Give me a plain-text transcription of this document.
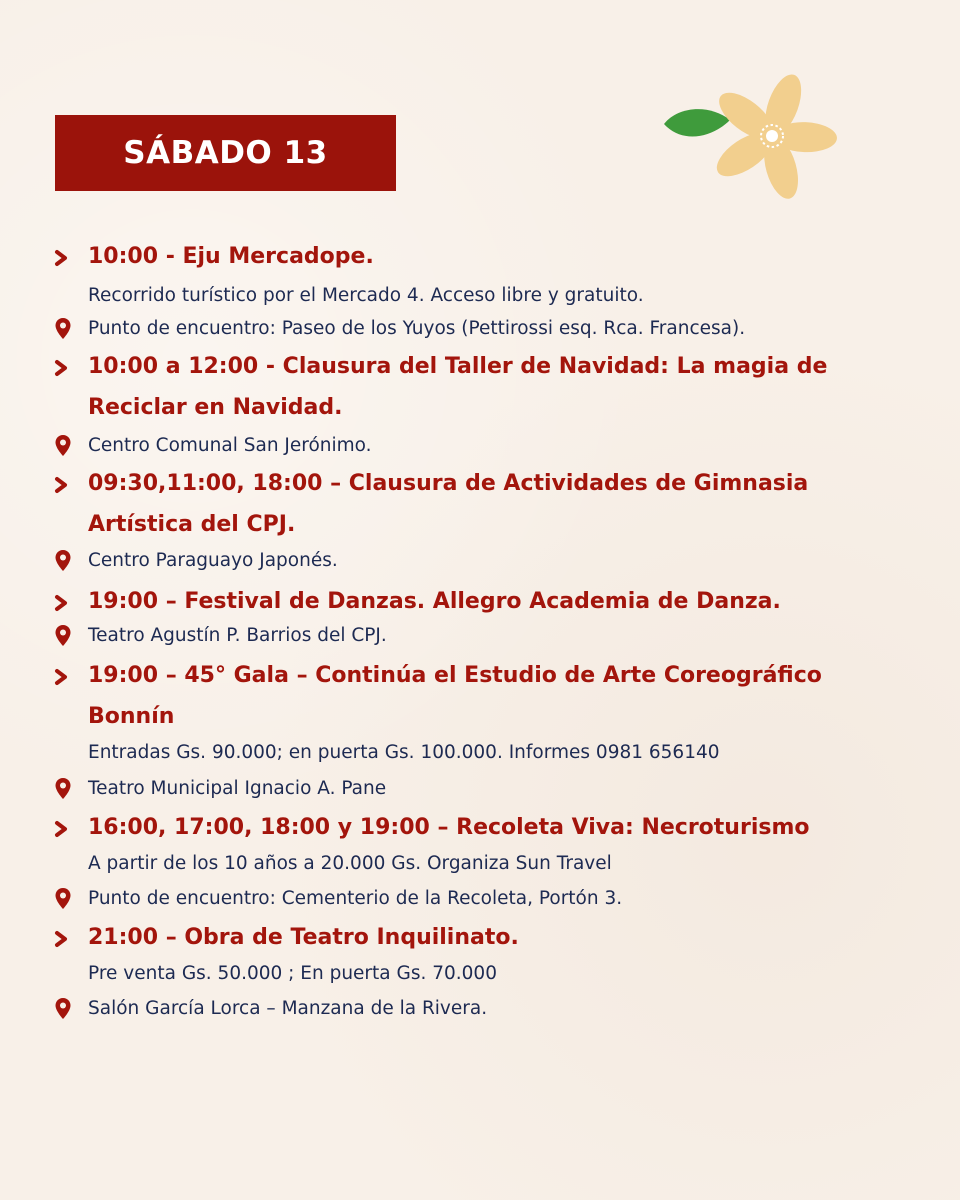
SÁBADO 13
10:00 - Eju Mercadope.
Recorrido turístico por el Mercado 4. Acceso libre y gratuito.
Punto de encuentro: Paseo de los Yuyos (Pettirossi esq. Rca. Francesa).
10:00 a 12:00 - Clausura del Taller de Navidad: La magia de
Reciclar en Navidad.
Centro Comunal San Jerónimo.
09:30,11:00, 18:00 – Clausura de Actividades de Gimnasia
Artística del CPJ.
Centro Paraguayo Japonés.
19:00 – Festival de Danzas. Allegro Academia de Danza.
Teatro Agustín P. Barrios del CPJ.
19:00 – 45° Gala – Continúa el Estudio de Arte Coreográfico
Bonnín
Entradas Gs. 90.000; en puerta Gs. 100.000. Informes 0981 656140
Teatro Municipal Ignacio A. Pane
16:00, 17:00, 18:00 y 19:00 – Recoleta Viva: Necroturismo
A partir de los 10 años a 20.000 Gs. Organiza Sun Travel
Punto de encuentro: Cementerio de la Recoleta, Portón 3.
21:00 – Obra de Teatro Inquilinato.
Pre venta Gs. 50.000 ; En puerta Gs. 70.000
Salón García Lorca – Manzana de la Rivera.
